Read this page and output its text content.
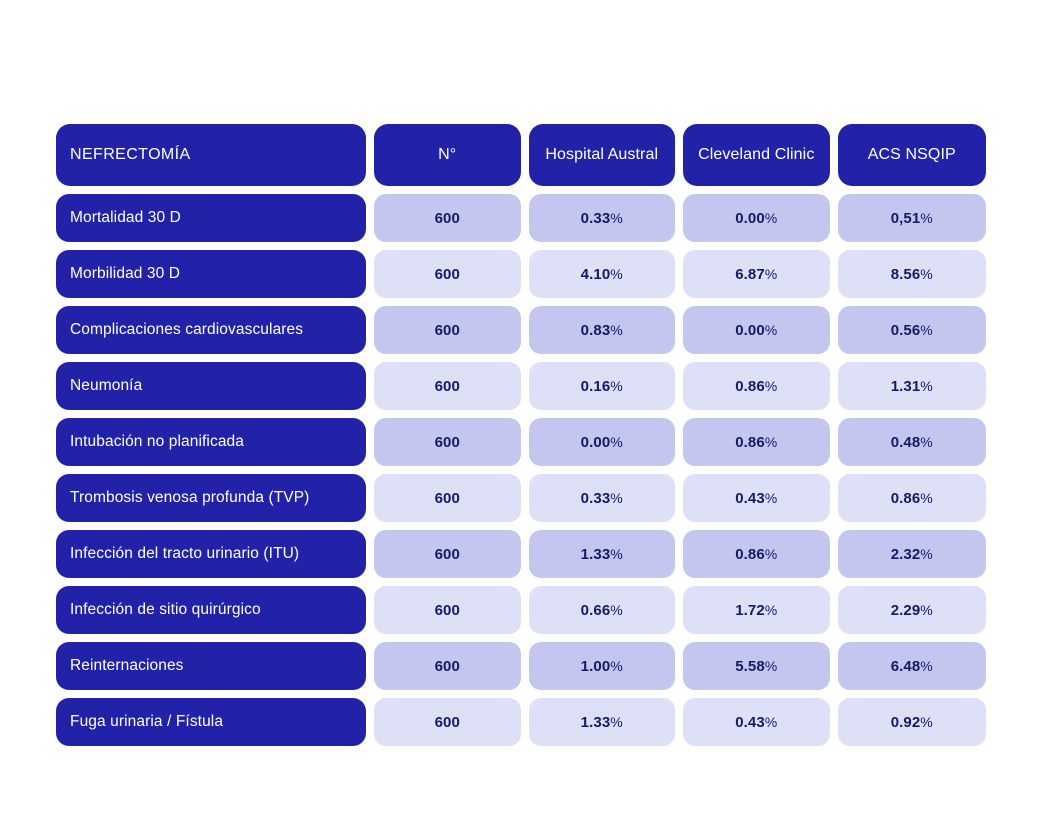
NEFRECTOMÍA	N°	Hospital Austral	Cleveland Clinic	ACS NSQIP
Mortalidad 30 D	600	0.33 %	0.00 %	0,51 %
Morbilidad 30 D	600	4.10 %	6.87 %	8.56 %
Complicaciones cardiovasculares	600	0.83 %	0.00 %	0.56 %
Neumonía	600	0.16 %	0.86 %	1.31 %
Intubación no planificada	600	0.00 %	0.86 %	0.48 %
Trombosis venosa profunda (TVP)	600	0.33 %	0.43 %	0.86 %
Infección del tracto urinario (ITU)	600	1.33 %	0.86 %	2.32 %
Infección de sitio quirúrgico	600	0.66 %	1.72 %	2.29 %
Reinternaciones	600	1.00 %	5.58 %	6.48 %
Fuga urinaria / Fístula	600	1.33 %	0.43 %	0.92 %
